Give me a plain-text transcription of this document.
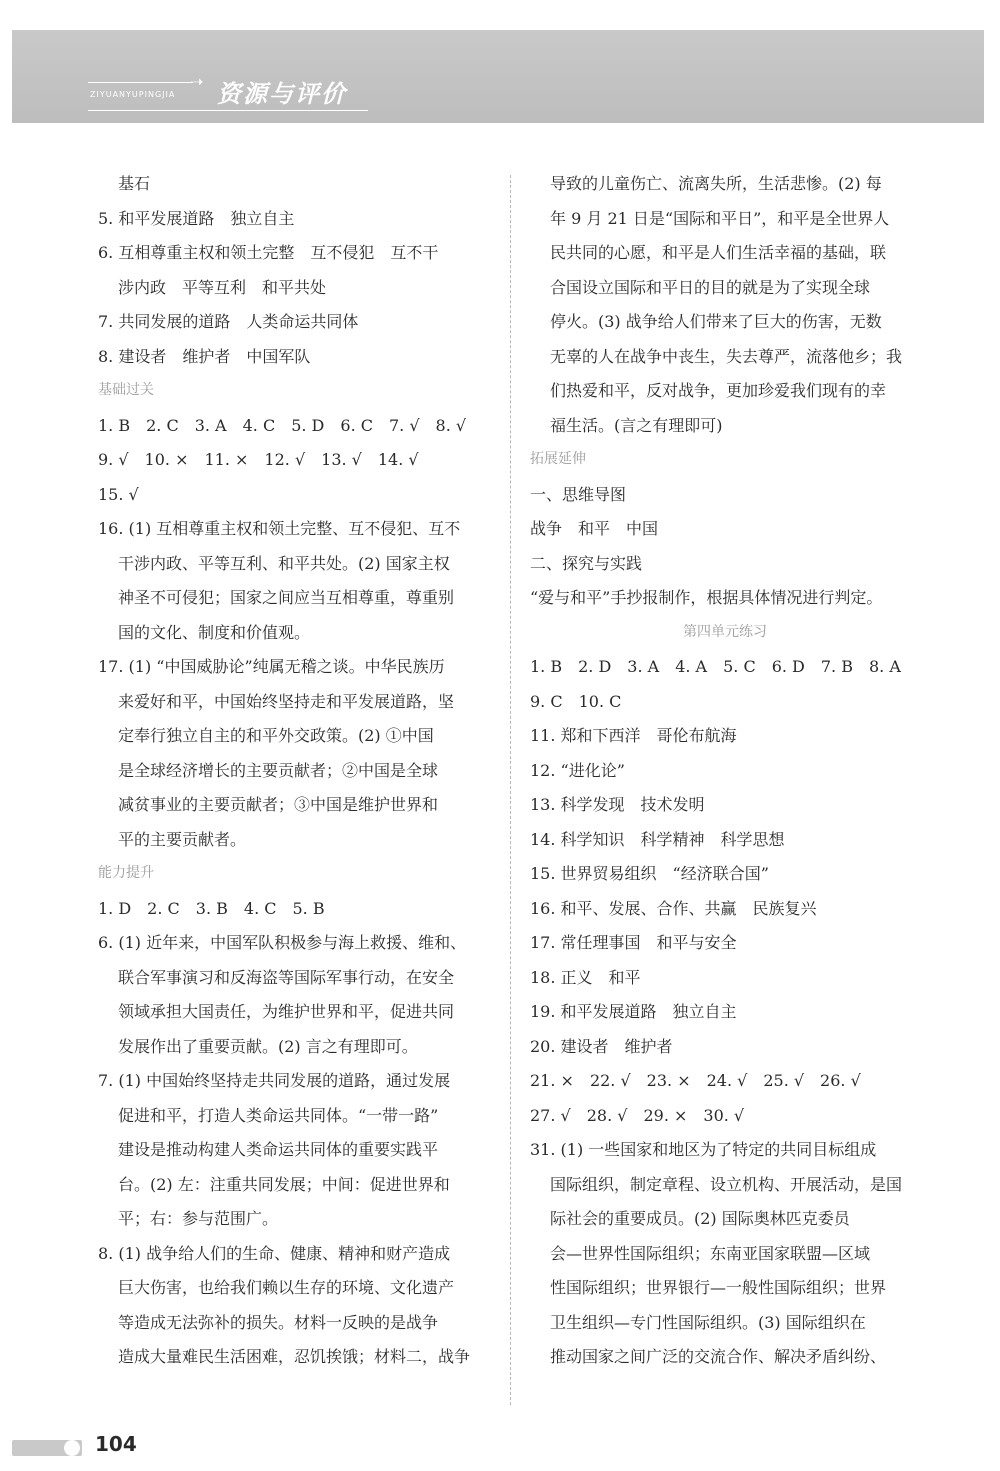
➝ 资源与评价
ZIYUANYUPINGJIA
基石
5. 和平发展道路　独立自主
6. 互相尊重主权和领土完整　互不侵犯　互不干
涉内政　平等互利　和平共处
7. 共同发展的道路　人类命运共同体
8. 建设者　维护者　中国军队
基础过关
1. B　2. C　3. A　4. C　5. D　6. C　7. √　8. √
9. √　10. ×　11. ×　12. √　13. √　14. √
15. √
16. (1) 互相尊重主权和领土完整、互不侵犯、互不
干涉内政、平等互利、和平共处。(2) 国家主权
神圣不可侵犯；国家之间应当互相尊重，尊重别
国的文化、制度和价值观。
17. (1) “中国威胁论”纯属无稽之谈。中华民族历
来爱好和平，中国始终坚持走和平发展道路，坚
定奉行独立自主的和平外交政策。(2) ①中国
是全球经济增长的主要贡献者；②中国是全球
减贫事业的主要贡献者；③中国是维护世界和
平的主要贡献者。
能力提升
1. D　2. C　3. B　4. C　5. B
6. (1) 近年来，中国军队积极参与海上救援、维和、
联合军事演习和反海盗等国际军事行动，在安全
领域承担大国责任，为维护世界和平，促进共同
发展作出了重要贡献。(2) 言之有理即可。
7. (1) 中国始终坚持走共同发展的道路，通过发展
促进和平，打造人类命运共同体。“一带一路”
建设是推动构建人类命运共同体的重要实践平
台。(2) 左：注重共同发展；中间：促进世界和
平；右：参与范围广。
8. (1) 战争给人们的生命、健康、精神和财产造成
巨大伤害，也给我们赖以生存的环境、文化遗产
等造成无法弥补的损失。材料一反映的是战争
造成大量难民生活困难，忍饥挨饿；材料二，战争
导致的儿童伤亡、流离失所，生活悲惨。(2) 每
年 9 月 21 日是“国际和平日”，和平是全世界人
民共同的心愿，和平是人们生活幸福的基础，联
合国设立国际和平日的目的就是为了实现全球
停火。(3) 战争给人们带来了巨大的伤害，无数
无辜的人在战争中丧生，失去尊严，流落他乡；我
们热爱和平，反对战争，更加珍爱我们现有的幸
福生活。(言之有理即可)
拓展延伸
一、思维导图
战争　和平　中国
二、探究与实践
“爱与和平”手抄报制作，根据具体情况进行判定。
第四单元练习
1. B　2. D　3. A　4. A　5. C　6. D　7. B　8. A
9. C　10. C
11. 郑和下西洋　哥伦布航海
12. “进化论”
13. 科学发现　技术发明
14. 科学知识　科学精神　科学思想
15. 世界贸易组织　“经济联合国”
16. 和平、发展、合作、共赢　民族复兴
17. 常任理事国　和平与安全
18. 正义　和平
19. 和平发展道路　独立自主
20. 建设者　维护者
21. ×　22. √　23. ×　24. √　25. √　26. √
27. √　28. √　29. ×　30. √
31. (1) 一些国家和地区为了特定的共同目标组成
国际组织，制定章程、设立机构、开展活动，是国
际社会的重要成员。(2) 国际奥林匹克委员
会—世界性国际组织；东南亚国家联盟—区域
性国际组织；世界银行—一般性国际组织；世界
卫生组织—专门性国际组织。(3) 国际组织在
推动国家之间广泛的交流合作、解决矛盾纠纷、
104
